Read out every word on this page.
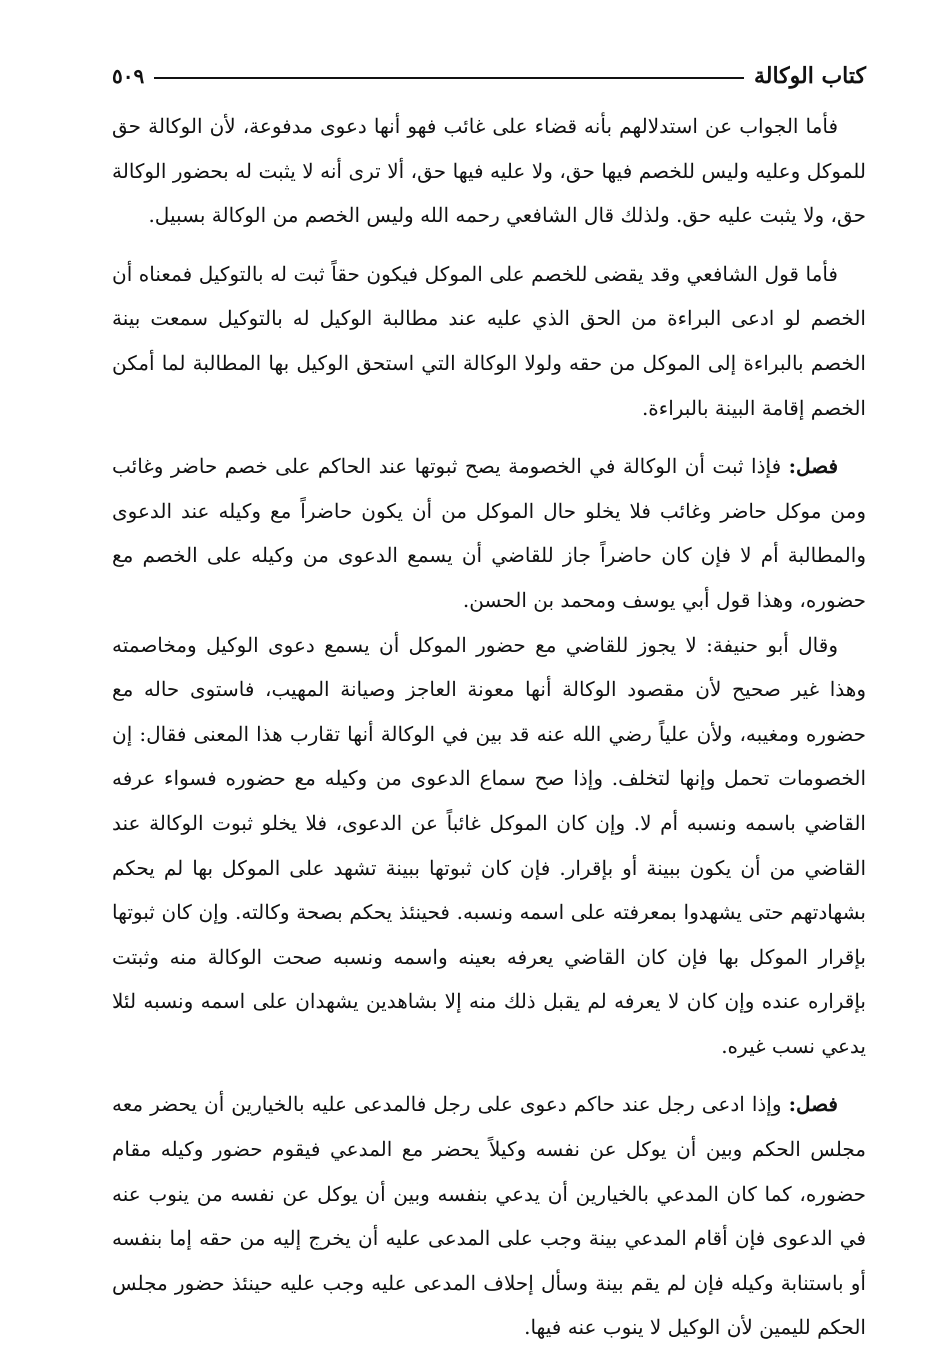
كتاب الوكالة
٥٠٩

فأما الجواب عن استدلالهم بأنه قضاء على غائب فهو أنها دعوى مدفوعة، لأن الوكالة حق للموكل وعليه وليس للخصم فيها حق، ولا عليه فيها حق، ألا ترى أنه لا يثبت له بحضور الوكالة حق، ولا يثبت عليه حق. ولذلك قال الشافعي رحمه الله وليس الخصم من الوكالة بسبيل.

فأما قول الشافعي وقد يقضى للخصم على الموكل فيكون حقاً ثبت له بالتوكيل فمعناه أن الخصم لو ادعى البراءة من الحق الذي عليه عند مطالبة الوكيل له بالتوكيل سمعت بينة الخصم بالبراءة إلى الموكل من حقه ولولا الوكالة التي استحق الوكيل بها المطالبة لما أمكن الخصم إقامة البينة بالبراءة.

فصل: فإذا ثبت أن الوكالة في الخصومة يصح ثبوتها عند الحاكم على خصم حاضر وغائب ومن موكل حاضر وغائب فلا يخلو حال الموكل من أن يكون حاضراً مع وكيله عند الدعوى والمطالبة أم لا فإن كان حاضراً جاز للقاضي أن يسمع الدعوى من وكيله على الخصم مع حضوره، وهذا قول أبي يوسف ومحمد بن الحسن.

وقال أبو حنيفة: لا يجوز للقاضي مع حضور الموكل أن يسمع دعوى الوكيل ومخاصمته وهذا غير صحيح لأن مقصود الوكالة أنها معونة العاجز وصيانة المهيب، فاستوى حاله مع حضوره ومغيبه، ولأن علياً رضي الله عنه قد بين في الوكالة أنها تقارب هذا المعنى فقال: إن الخصومات تحمل وإنها لتخلف. وإذا صح سماع الدعوى من وكيله مع حضوره فسواء عرفه القاضي باسمه ونسبه أم لا. وإن كان الموكل غائباً عن الدعوى، فلا يخلو ثبوت الوكالة عند القاضي من أن يكون ببينة أو بإقرار. فإن كان ثبوتها ببينة تشهد على الموكل بها لم يحكم بشهادتهم حتى يشهدوا بمعرفته على اسمه ونسبه. فحينئذ يحكم بصحة وكالته. وإن كان ثبوتها بإقرار الموكل بها فإن كان القاضي يعرفه بعينه واسمه ونسبه صحت الوكالة منه وثبتت بإقراره عنده وإن كان لا يعرفه لم يقبل ذلك منه إلا بشاهدين يشهدان على اسمه ونسبه لئلا يدعي نسب غيره.

فصل: وإذا ادعى رجل عند حاكم دعوى على رجل فالمدعى عليه بالخيارين أن يحضر معه مجلس الحكم وبين أن يوكل عن نفسه وكيلاً يحضر مع المدعي فيقوم حضور وكيله مقام حضوره، كما كان المدعي بالخيارين أن يدعي بنفسه وبين أن يوكل عن نفسه من ينوب عنه في الدعوى فإن أقام المدعي بينة وجب على المدعى عليه أن يخرج إليه من حقه إما بنفسه أو باستنابة وكيله فإن لم يقم بينة وسأل إحلاف المدعى عليه وجب عليه حينئذ حضور مجلس الحكم لليمين لأن الوكيل لا ينوب عنه فيها.
